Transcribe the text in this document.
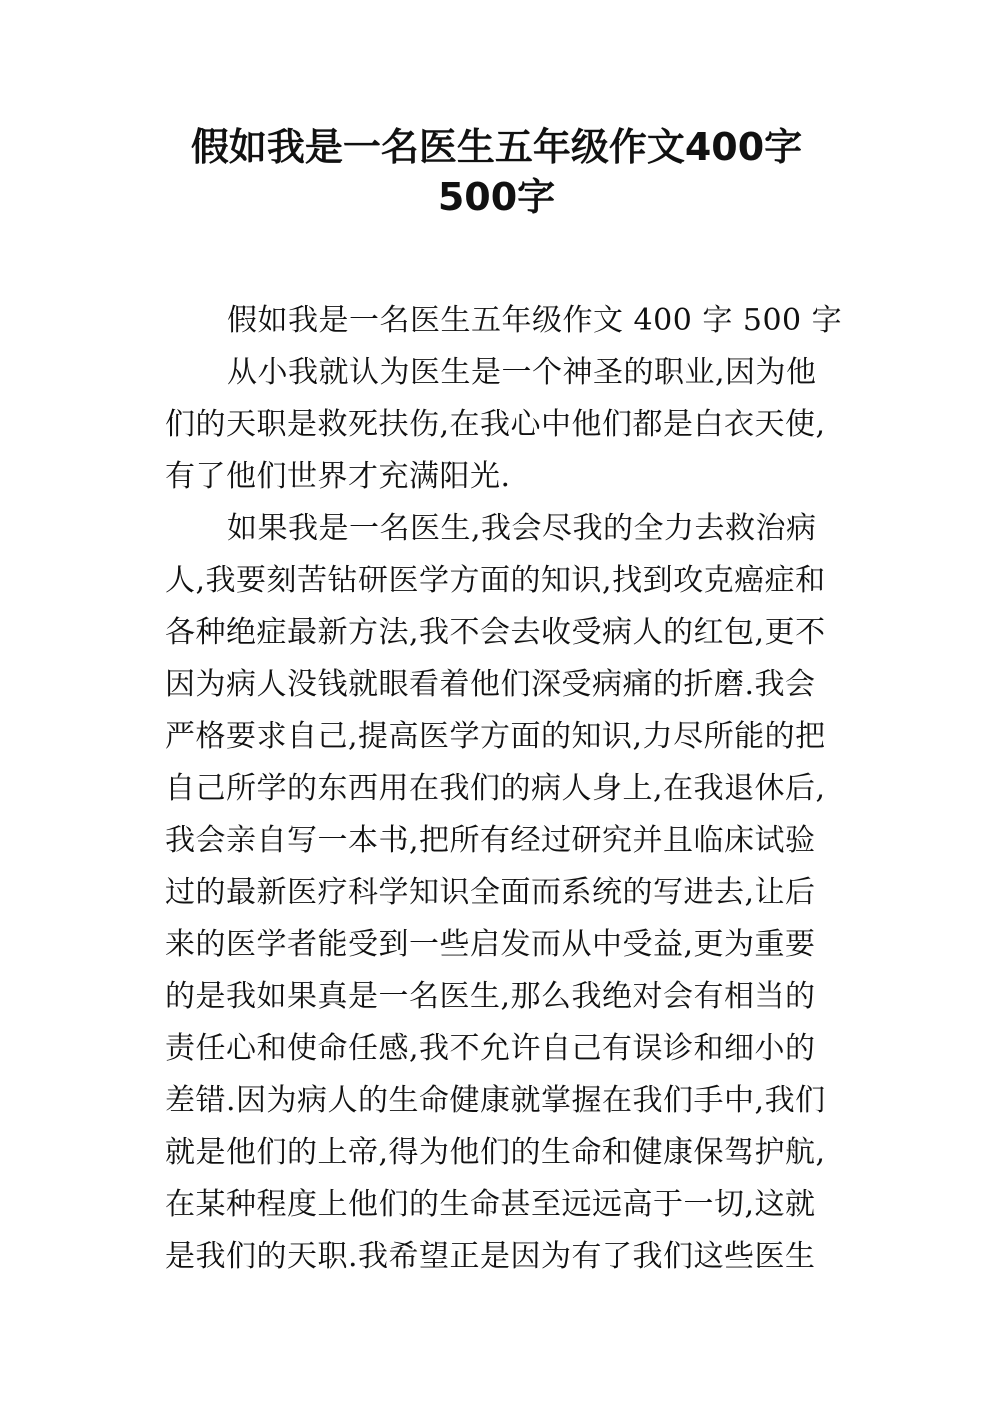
假如我是一名医生五年级作文400字
500字
假如我是一名医生五年级作文 400 字 500 字
从小我就认为医生是一个神圣的职业,因为他
们的天职是救死扶伤,在我心中他们都是白衣天使,
有了他们世界才充满阳光.
如果我是一名医生,我会尽我的全力去救治病
人,我要刻苦钻研医学方面的知识,找到攻克癌症和
各种绝症最新方法,我不会去收受病人的红包,更不
因为病人没钱就眼看着他们深受病痛的折磨.我会
严格要求自己,提高医学方面的知识,力尽所能的把
自己所学的东西用在我们的病人身上,在我退休后,
我会亲自写一本书,把所有经过研究并且临床试验
过的最新医疗科学知识全面而系统的写进去,让后
来的医学者能受到一些启发而从中受益,更为重要
的是我如果真是一名医生,那么我绝对会有相当的
责任心和使命任感,我不允许自己有误诊和细小的
差错.因为病人的生命健康就掌握在我们手中,我们
就是他们的上帝,得为他们的生命和健康保驾护航,
在某种程度上他们的生命甚至远远高于一切,这就
是我们的天职.我希望正是因为有了我们这些医生
